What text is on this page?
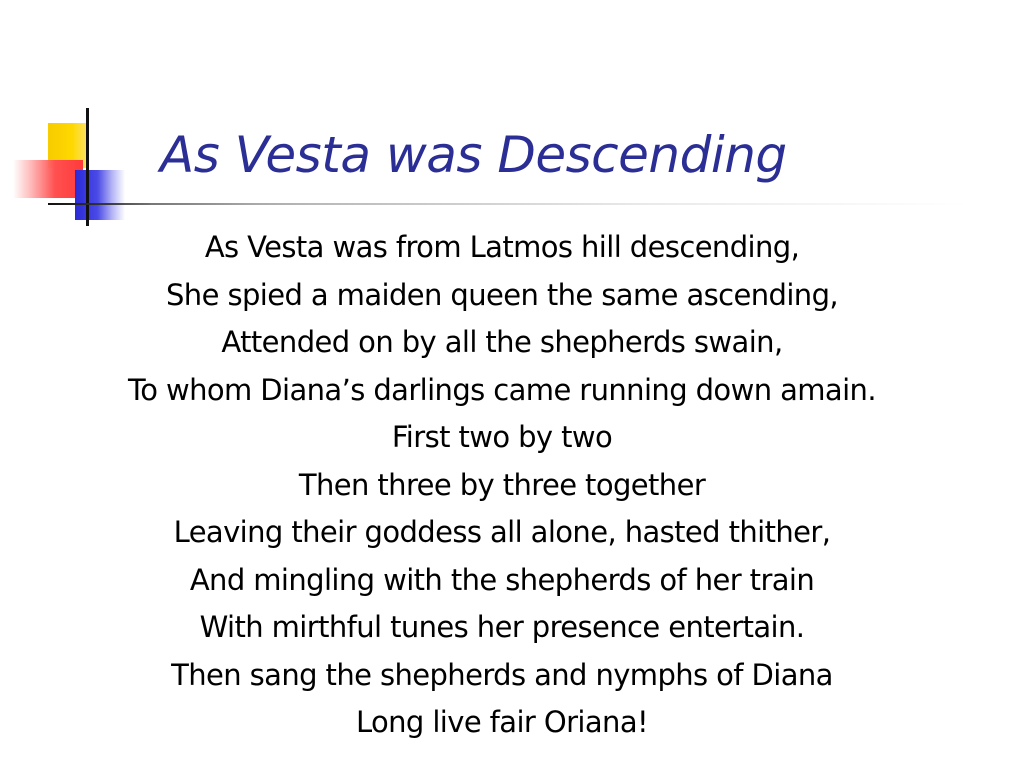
As Vesta was Descending
As Vesta was from Latmos hill descending,
She spied a maiden queen the same ascending,
Attended on by all the shepherds swain,
To whom Diana’s darlings came running down amain.
First two by two
Then three by three together
Leaving their goddess all alone, hasted thither,
And mingling with the shepherds of her train
With mirthful tunes her presence entertain.
Then sang the shepherds and nymphs of Diana
Long live fair Oriana!
